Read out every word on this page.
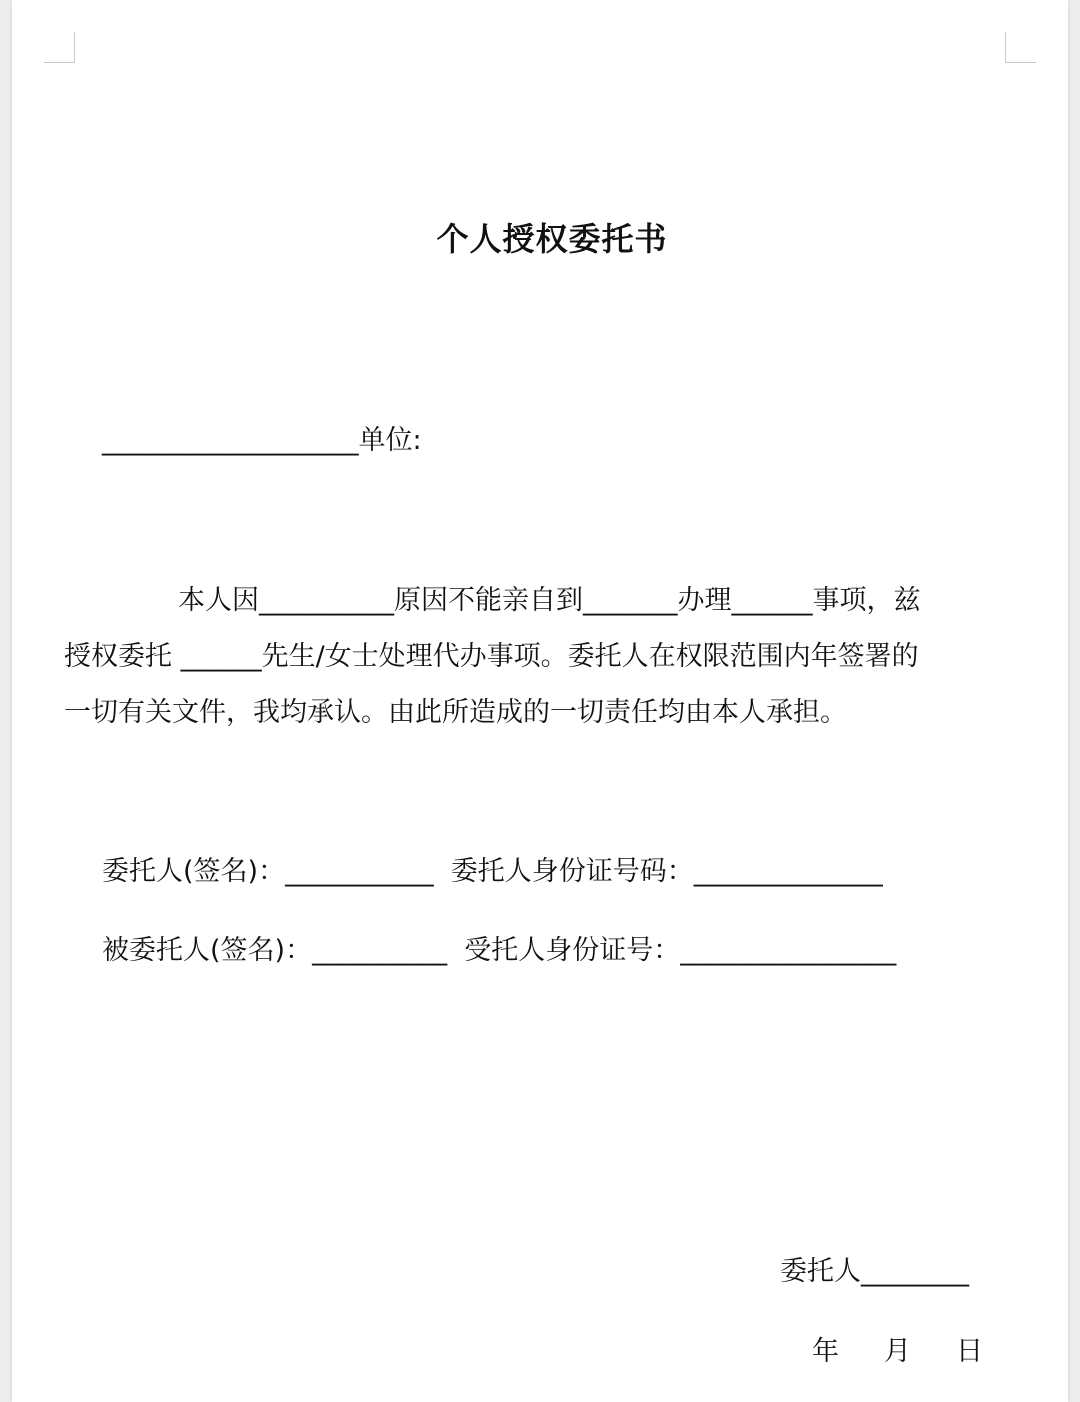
个人授权委托书
___________________单位:
本人因__________原因不能亲自到_______办理______事项，兹
授权委托 ______先生/女士处理代办事项。委托人在权限范围内年签署的
一切有关文件，我均承认。由此所造成的一切责任均由本人承担。
委托人(签名)：___________  委托人身份证号码：______________
被委托人(签名)：__________  受托人身份证号：________________
委托人________
年 月 日
